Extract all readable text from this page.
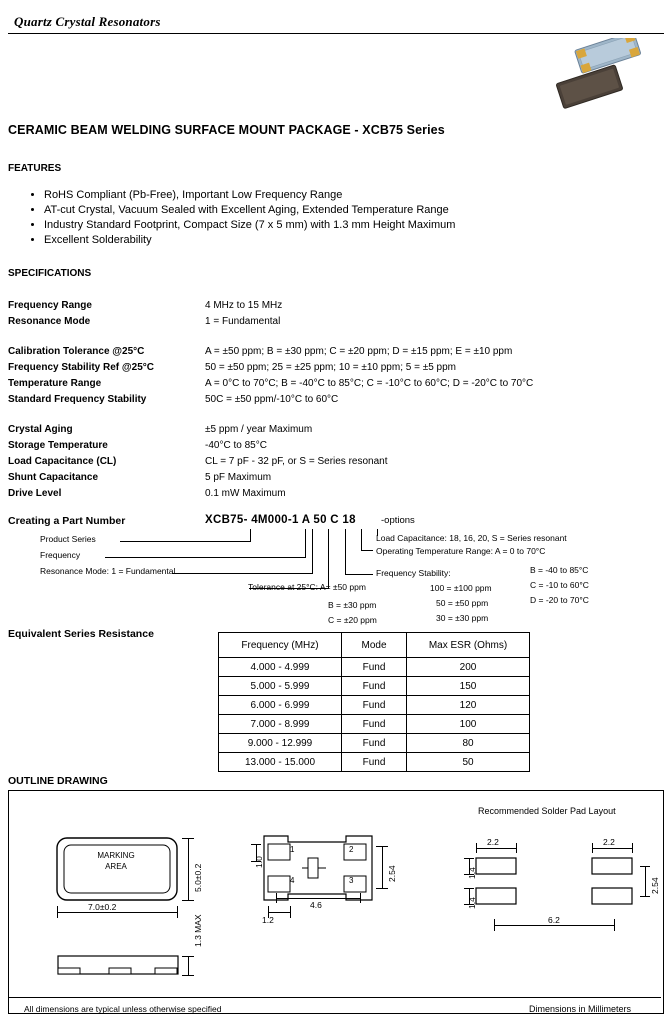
Quartz Crystal Resonators
CERAMIC BEAM WELDING SURFACE MOUNT PACKAGE - XCB75 Series
FEATURES
• RoHS Compliant (Pb-Free), Important Low Frequency Range
• AT-cut Crystal, Vacuum Sealed with Excellent Aging, Extended Temperature Range
• Industry Standard Footprint, Compact Size (7 x 5 mm) with 1.3 mm Height Maximum
• Excellent Solderability
SPECIFICATIONS
Frequency Range	4 MHz to 15 MHz
Resonance Mode	1 = Fundamental
Calibration Tolerance @25°C	A = ±50 ppm; B = ±30 ppm; C = ±20 ppm; D = ±15 ppm; E = ±10 ppm
Frequency Stability Ref @25°C	50 = ±50 ppm; 25 = ±25 ppm; 10 = ±10 ppm; 5 = ±5 ppm
Temperature Range	A = 0°C to 70°C; B = -40°C to 85°C; C = -10°C to 60°C; D = -20°C to 70°C
Standard Frequency Stability	50C = ±50 ppm/-10°C to 60°C
Crystal Aging	±5 ppm / year Maximum
Storage Temperature	-40°C to 85°C
Load Capacitance (CL)	CL = 7 pF - 32 pF, or S = Series resonant
Shunt Capacitance	5 pF Maximum
Drive Level	0.1 mW Maximum
Creating a Part Number	XCB75- 4M000-1 A 50 C 18	-options
Product Series
Frequency
Resonance Mode: 1 = Fundamental
Tolerance at 25°C: A= ±50 ppm
B = ±30 ppm
C = ±20 ppm
Frequency Stability:
100 = ±100 ppm
50 = ±50 ppm
30 = ±30 ppm
Load Capacitance: 18, 16, 20, S = Series resonant
Operating Temperature Range: A = 0 to 70°C
B = -40 to 85°C
C = -10 to 60°C
D = -20 to 70°C
Equivalent Series Resistance
Frequency (MHz)	Mode	Max ESR (Ohms)
4.000 - 4.999	Fund	200
5.000 - 5.999	Fund	150
6.000 - 6.999	Fund	120
7.000 - 8.999	Fund	100
9.000 - 12.999	Fund	80
13.000 - 15.000	Fund	50
OUTLINE DRAWING
Recommended Solder Pad Layout
MARKING
AREA
7.0±0.2
5.0±0.2
1.3 MAX
1	2
3
4
1.0
1.2
4.6
2.54
2.2	2.2
1.4
1.4
2.54
6.2
All dimensions are typical unless otherwise specified	Dimensions in Millimeters
